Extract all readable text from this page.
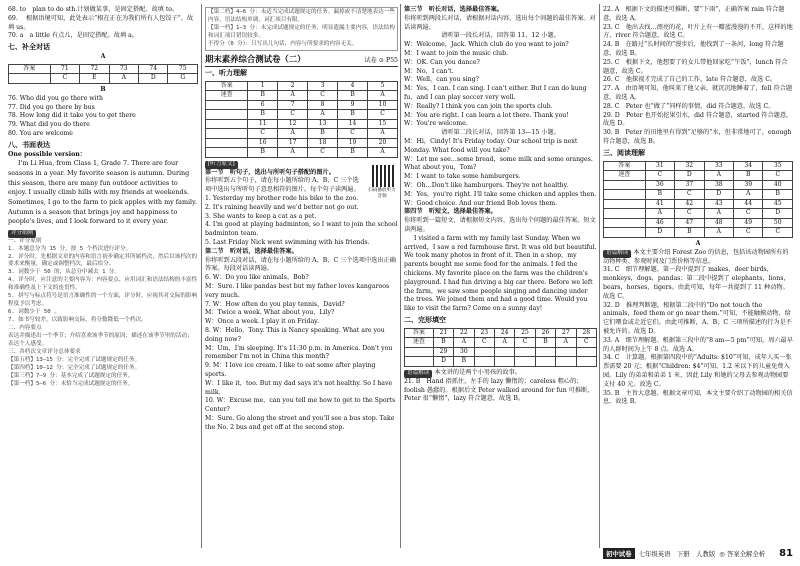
68. to　plan to do sth.计划做某事，是固定搭配。故填 to。

69. 　根据语境可知，此处表示“根在正在为我们所有人包饺子”，故填 us。

70. a　a little 有点儿，是固定搭配。故填 a。

七、补全对话

A

答案	71	72	73	74	75
	C	E	A	D	G

B

76. Who did you go there with

77. Did you go there by bus

78. How long did it take you to get there

79. What did you do there

80. You are welcome

八、书面表达

One possible version：

I'm Li Hua, from Class 1, Grade 7. There are four seasons in a year. My favorite season is autumn. During this season, there are many fun outdoor activities to enjoy. I usually climb hills with my friends at weekends. Sometimes, I go to the farm to pick apples with my family. Autumn is a season that brings joy and happiness to people's lives, and I look forward to it every year.

评分细则

一、评分原则

1. 本题总分为 15 分，按 5 个档次进行评分。

2. 评分时，先根据文章的内容和语言初步确定其所属档次，然后以该档次的要求来衡量，确定或调整档次，最后给分。

3. 词数少于 50 的，从总分中减去 1 分。

4. 评分时，应注意的主要内容为：内容要点、应用词汇和语法结构的丰富性和准确性及上下文的连贯性。

5. 拼写与标点符号是语言准确性的一个方面，评分时，应视其对交际的影响程度予以考虑。

6. 词数少于 50 。

7. 如书写较差，以致影响交际，将分数降低一个档次。

二、内容要点

表达并描述出一个季节；介绍喜欢该季节的原因；描述在该季节里的活动；表达个人感受。

三、各档次文章评分总体要求

【第五档】13—15 分：完全完成了试题规定的任务。

【第四档】10—12 分：完全完成了试题规定的任务。

【第三档】7—9 分：基本完成了试题规定的任务。

【第一档】5—6 分：未恰当完成试题规定的任务。

【第二档】4—6 分：未适当完成试题规定的任务。漏掉或不清楚地表达一些内容，语法结构单调，词汇项目有限。

【第一档】1—3 分：未完成试题规定的任务，明显遗漏主要内容，语法结构和词汇项目错误较多。

不得分（0 分）：只写出几句话，内容与所要求的内容无关。

期末素养综合测试卷（二）	试卷 ⊙ P55

一、听力理解

答案	1	2	3	4	5
速查	B	A	C	B	A
	6	7	8	9	10
	B	C	A	B	C
	11	12	13	14	15
	C	A	B	C	A
	16	17	18	19	20
	B	A	C	B	A

[听力原文]

第一节　听句子，选出与所听句子搭配的图片。

你将听到五个句子，请在每小题所给的 A、B、C 三个选项中选出与所听句子意思相符的图片。每个句子读两遍。	扫码播放听力音频

1. Yesterday my brother rode his bike to the zoo.

2. It's raining heavily and we'd better not go out.

3. She wants to keep a cat as a pet.

4. I'm good at playing badminton, so I want to join the school badminton team.

5. Last Friday Nick went swimming with his friends.

第二节　听对话，选择最佳答案。

你将听到五段对话，请在每小题所给的 A、B、C 三个选项中选出正确答案。每段对话读两遍。

6. W：Do you like animals，Bob?

M：Sure. I like pandas best but my father loves kangaroos very much.

7. W：How often do you play tennis，David?

M：Twice a week. What about you，Lily?

W：Once a week. I play it on Friday.

8. W：Hello，Tony. This is Nancy speaking. What are you doing now?

M：Um，I'm sleeping. It's 11:30 p.m. in America. Don't you remember I'm not in China this month?

9. M：I love ice cream. I like to eat some after playing sports.

W：I like it，too. But my dad says it's not healthy. So I have milk.

10. W：Excuse me，can you tell me how to get to the Sports Center?

M：Sure. Go along the street and you'll see a bus stop. Take the No. 2 bus and get off at the second stop.

第三节　听长对话，选择最佳答案。

你将听到两段长对话，请根据对话内容，选出每个问题的最佳答案。对话读两遍。

请听第一段长对话，回答第 11、12 小题。

W：Welcome，Jack. Which club do you want to join?

M：I want to join the music club.

W：OK. Can you dance?

M：No，I can't.

W：Well，can you sing?

M：Yes，I can. I can sing. I can't either. But I can do kung fu，and I can play soccer very well.

W：Really? I think you can join the sports club.

M：You are right. I can learn a lot there. Thank you!

W：You're welcome.

请听第二段长对话，回答第 13—15 小题。

M：Hi，Cindy! It's Friday today. Our school trip is next Monday. What food will you take?

W：Let me see…some bread，some milk and some oranges. What about you，Tom?

M：I want to take some hamburgers.

W：Oh…Don't like hamburgers. They're not healthy.

M：Yes，you're right. I'll take some chicken and apples then.

W：Good choice. And our friend Bob loves them.

第四节　听短文，选择最佳答案。

你将听到一篇短文，请根据短文内容，选出每个问题的最佳答案。短文读两遍。

I visited a farm with my family last Sunday. When we arrived，I saw a red farmhouse first. It was old but beautiful. We took many photos in front of it. Then in a shop，my parents bought me some food for the animals. I fed the chickens. My favorite place on the farm was the children's playground. I had fun driving a big car there. Before we left the farm，we saw some people singing and dancing under the trees. We joined them and had a good time. Would you like to visit the farm? Come on a sunny day!

二、完形填空

答案	21	22	23	24	25	26	27	28
速查	B	A	C	A	C	B	A	C
	29	30						
	D	B						

语篇解读 本文讲的是两个小男孩的故事。

21. B　Hand 指抓住，左手的 lazy 懒惰的；careless 粗心的；foolish 愚蠢的。根据后文 Peter walked around for fun 可推断，Peter 很“懒惰”，lazy 符合题意。故选 B。

22. A　根据下文的描述可推断，要“下雨”，正确答案 rain 符合题意，故选 A。

23. C　他出去找…漂亮的花，叶片上有一瓣蓝漫漫的不开，这样的地方，river 符合题意，故选 C。

24. B　在路过“长时间的”漫步后，他找到了一条河，long 符合题意，故选 B。

25. C　根据下文，他想要了的女儿带他回家吃“午饭”，lunch 符合题意，故选 C。

26. C　他探视才完成了自己的工作，late 符合题意，故选 C。

27. A　由语境可知，他叫来了他父亲，就沉沉地睡着了，fell 符合题意，故选 A。

28. C　Peter 也“做了”同样的事情，did 符合题意，故选 C。

29. D　Peter 也开始挖果引水，did 符合题意，started 符合题意，故选 D。

30. B　Peter 的田地里有得到“足够的”水，但非常地可了，enough 符合题意，故选 B。

三、阅读理解

答案	31	32	33	34	35
速查	C	D	A	B	C
	36	37	38	39	40
	B	C	D	A	B
	41	42	43	44	45
	A	C	A	C	D
	46	47	48	49	50
	D	B	A	C	C

A

语篇解读 本文主要介绍 Forest Zoo 的信息，包括该动物园所有的动物种类、参观时间及门票价格等信息。

31. C　细节理解题。第一段中提到了 makes，deer birds，monkeys，dogs，pandas；第二段中提到了 elephants，lions，bears，horses，tigers。由此可知，每年一共提到了 11 种动物。故选 C。

32. D　推理判断题。根据第二段中的“Do not touch the animals，feed them or go near them.”可知，不能触摸动物，给它们喂食或走近它们。由此可推断，A、B、C 三项所描述的行为是不被允许的。故选 D。

33. A　细节理解题。根据第三段中的“8 am—5 pm”可知，周六最早的人群时间为上午 8 点。故选 A。

34. C　计算题。根据第四段中的“Adults: $10”可知，成年人买一张票需要 20 元；根据“Children: $4”可知，1.2 米以下的儿童免费入园。Lily 的弟弟和弟弟 1 米，因此 Lily 和她的父母去参观动物园要支付 40 元。故选 C。

35. B　主旨大意题。根据文章可知，本文主要介绍了动物园的相关信息。故选 B。

初中试卷	七年级英语　下册　人教版 ◎ 答案全解全析 81
